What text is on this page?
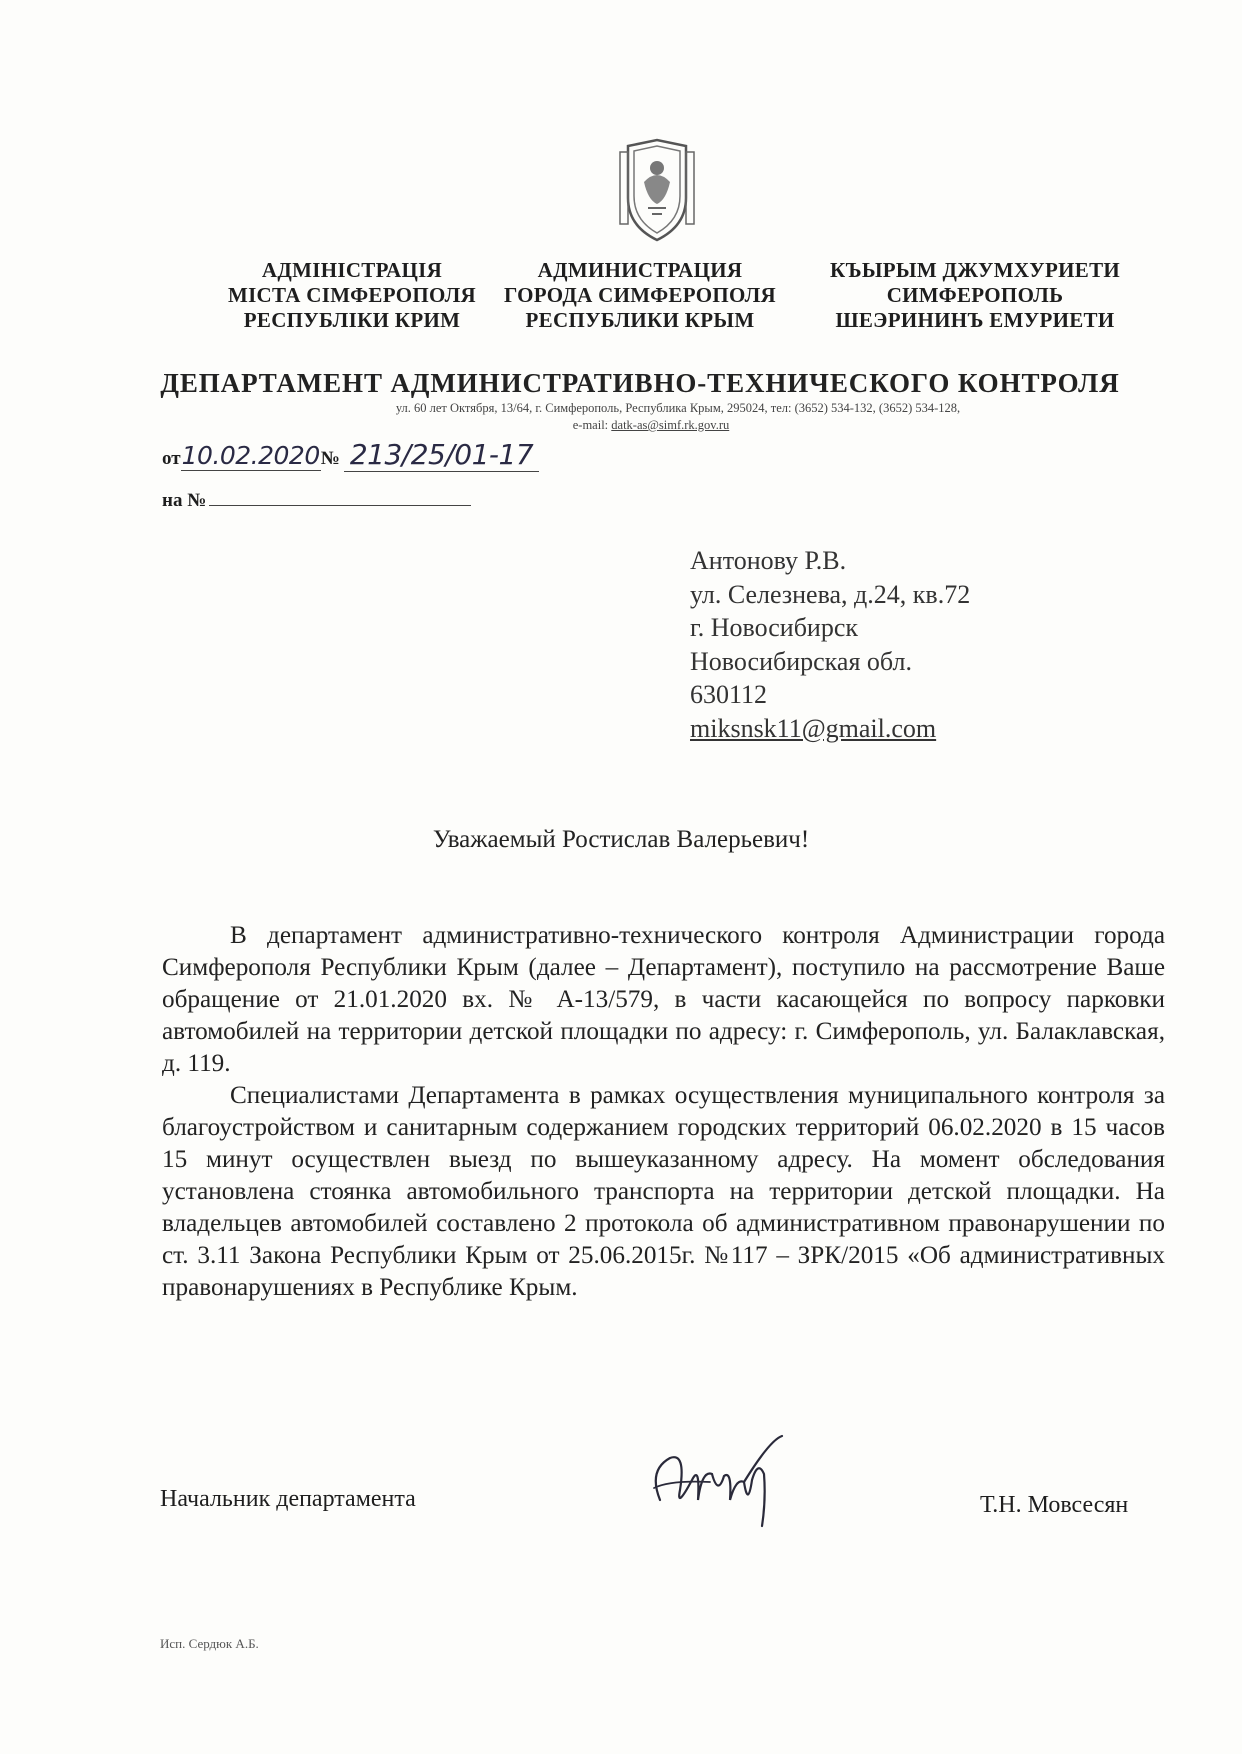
АДМІНІСТРАЦІЯ
МІСТА СІМФЕРОПОЛЯ
РЕСПУБЛІКИ КРИМ
АДМИНИСТРАЦИЯ
ГОРОДА СИМФЕРОПОЛЯ
РЕСПУБЛИКИ КРЫМ
КЪЫРЫМ ДЖУМХУРИЕТИ
СИМФЕРОПОЛЬ
ШЕЭРИНИНЪ ЕМУРИЕТИ
ДЕПАРТАМЕНТ АДМИНИСТРАТИВНО-ТЕХНИЧЕСКОГО КОНТРОЛЯ
ул. 60 лет Октября, 13/64, г. Симферополь, Республика Крым, 295024, тел: (3652) 534-132, (3652) 534-128,
e-mail: datk-as@simf.rk.gov.ru
от10.02.2020№ 213/25/01-17
на №
Антонову Р.В.
ул. Селезнева, д.24, кв.72
г. Новосибирск
Новосибирская обл.
630112
miksnsk11@gmail.com
Уважаемый Ростислав Валерьевич!

В департамент административно-технического контроля Администрации города Симферополя Республики Крым (далее – Департамент), поступило на рассмотрение Ваше обращение от 21.01.2020 вх. № А-13/579, в части касающейся по вопросу парковки автомобилей на территории детской площадки по адресу: г. Симферополь, ул. Балаклавская, д. 119.

Специалистами Департамента в рамках осуществления муниципального контроля за благоустройством и санитарным содержанием городских территорий 06.02.2020 в 15 часов 15 минут осуществлен выезд по вышеуказанному адресу. На момент обследования установлена стоянка автомобильного транспорта на территории детской площадки. На владельцев автомобилей составлено 2 протокола об административном правонарушении по ст. 3.11 Закона Республики Крым от 25.06.2015г. №117 – ЗРК/2015 «Об административных правонарушениях в Республике Крым.

Начальник департамента	Т.Н. Мовсесян
Исп. Сердюк А.Б.
